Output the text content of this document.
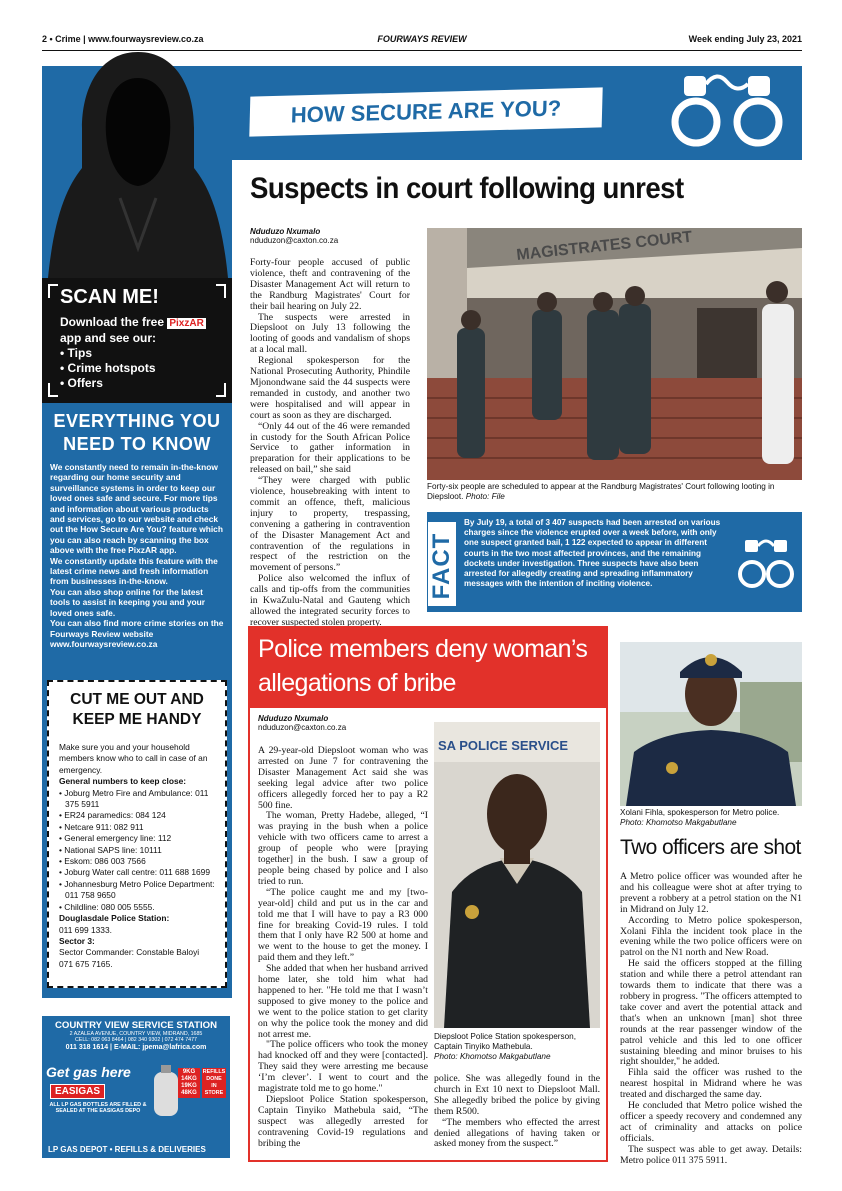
2 • Crime | www.fourwaysreview.co.za	FOURWAYS REVIEW	Week ending July 23, 2021
HOW SECURE ARE YOU?
SCAN ME!
Download the free PixzAR
app and see our:
• Tips
• Crime hotspots
• Offers
EVERYTHING YOU
NEED TO KNOW

We constantly need to remain in-the-know regarding our home security and surveillance systems in order to keep our loved ones safe and secure. For more tips and information about various products and services, go to our website and check out the How Secure Are You? feature which you can also reach by scanning the box above with the free PixzAR app.

We constantly update this feature with the latest crime news and fresh information from businesses in-the-know.

You can also shop online for the latest tools to assist in keeping you and your loved ones safe.

You can also find more crime stories on the Fourways Review website www.fourwaysreview.co.za

CUT ME OUT AND
KEEP ME HANDY
Make sure you and your household members know who to call in case of an emergency.
General numbers to keep close:
• Joburg Metro Fire and Ambulance: 011 375 5911
• ER24 paramedics: 084 124
• Netcare 911: 082 911
• General emergency line: 112
• National SAPS line: 10111
• Eskom: 086 003 7566
• Joburg Water call centre: 011 688 1699
• Johannesburg Metro Police Department: 011 758 9650
• Childline: 080 005 5555.
Douglasdale Police Station:
011 699 1333.
Sector 3:
Sector Commander: Constable Baloyi 071 675 7165.
COUNTRY VIEW SERVICE STATION
2 AZALEA AVENUE, COUNTRY VIEW, MIDRAND, 1685
CELL: 082 063 8464 | 082 340 9302 | 072 474 7477
011 318 1614 | E-MAIL: jpema@lafrica.com
Get gas here
EASIGAS
ALL LP GAS BOTTLES ARE FILLED & SEALED AT THE EASIGAS DEPO
9KG
14KG
19KG
48KG
REFILLS
DONE
IN
STORE
LP GAS DEPOT • REFILLS & DELIVERIES
Suspects in court following unrest
Nduduzo Nxumalo
nduduzon@caxton.co.za

Forty-four people accused of public violence, theft and contravening of the Disaster Management Act will return to the Randburg Magistrates' Court for their bail hearing on July 22.

The suspects were arrested in Diepsloot on July 13 following the looting of goods and vandalism of shops at a local mall.

Regional spokesperson for the National Prosecuting Authority, Phindile Mjonondwane said the 44 suspects were remanded in custody, and another two were hospitalised and will appear in court as soon as they are discharged.

“Only 44 out of the 46 were remanded in custody for the South African Police Service to gather information in preparation for their applications to be released on bail,” she said

“They were charged with public violence, housebreaking with intent to commit an offence, theft, malicious injury to property, trespassing, convening a gathering in contravention of the Disaster Management Act and contravention of the regulations in respect of the restriction on the movement of persons.”

Police also welcomed the influx of calls and tip-offs from the communities in KwaZulu-Natal and Gauteng which allowed the integrated security forces to recover suspected stolen property.

MAGISTRATES COURT
Forty-six people are scheduled to appear at the Randburg Magistrates' Court following looting in Diepsloot. Photo: File
FACT
By July 19, a total of 3 407 suspects had been arrested on various charges since the violence erupted over a week before, with only one suspect granted bail, 1 122 expected to appear in different courts in the two most affected provinces, and the remaining dockets under investigation. Three suspects have also been arrested for allegedly creating and spreading inflammatory messages with the intention of inciting violence.
Police members deny woman’s allegations of bribe
Nduduzo Nxumalo
nduduzon@caxton.co.za

A 29-year-old Diepsloot woman who was arrested on June 7 for contravening the Disaster Management Act said she was seeking legal advice after two police officers allegedly forced her to pay a R2 500 fine.

The woman, Pretty Hadebe, alleged, “I was praying in the bush when a police vehicle with two officers came to arrest a group of people who were [praying together] in the bush. I saw a group of people being chased by police and I also tried to run.

“The police caught me and my [two-year-old] child and put us in the car and told me that I will have to pay a R3 000 fine for breaking Covid-19 rules. I told them that I only have R2 500 at home and we went to the house to get the money. I paid them and they left.”

She added that when her husband arrived home later, she told him what had happened to her. "He told me that I wasn’t supposed to give money to the police and we went to the police station to get clarity on why the police took the money and did not arrest me.

"The police officers who took the money had knocked off and they were [contacted]. They said they were arresting me because ‘I’m clever’. I went to court and the magistrate told me to go home."

Diepsloot Police Station spokesperson, Captain Tinyiko Mathebula said, “The suspect was allegedly arrested for contravening Covid-19 regulations and bribing the

SA POLICE SERVICE
Diepsloot Police Station spokesperson, Captain Tinyiko Mathebula.
Photo: Khomotso Makgabutlane

police. She was allegedly found in the church in Ext 10 next to Diepsloot Mall. She allegedly bribed the police by giving them R500.

“The members who effected the arrest denied allegations of having taken or asked money from the suspect.”

Xolani Fihla, spokesperson for Metro police.
Photo: Khomotso Makgabutlane
Two officers are shot

A Metro police officer was wounded after he and his colleague were shot at after trying to prevent a robbery at a petrol station on the N1 in Midrand on July 12.

According to Metro police spokesperson, Xolani Fihla the incident took place in the evening while the two police officers were on patrol on the N1 north and New Road.

He said the officers stopped at the filling station and while there a petrol attendant ran towards them to indicate that there was a robbery in progress. "The officers attempted to take cover and avert the potential attack and that's when an unknown [man] shot three rounds at the rear passenger window of the patrol vehicle and this led to one officer sustaining bleeding and minor bruises to his right shoulder," he added.

Fihla said the officer was rushed to the nearest hospital in Midrand where he was treated and discharged the same day.

He concluded that Metro police wished the officer a speedy recovery and condemned any act of criminality and attacks on police officials.

The suspect was able to get away. Details: Metro police 011 375 5911.
